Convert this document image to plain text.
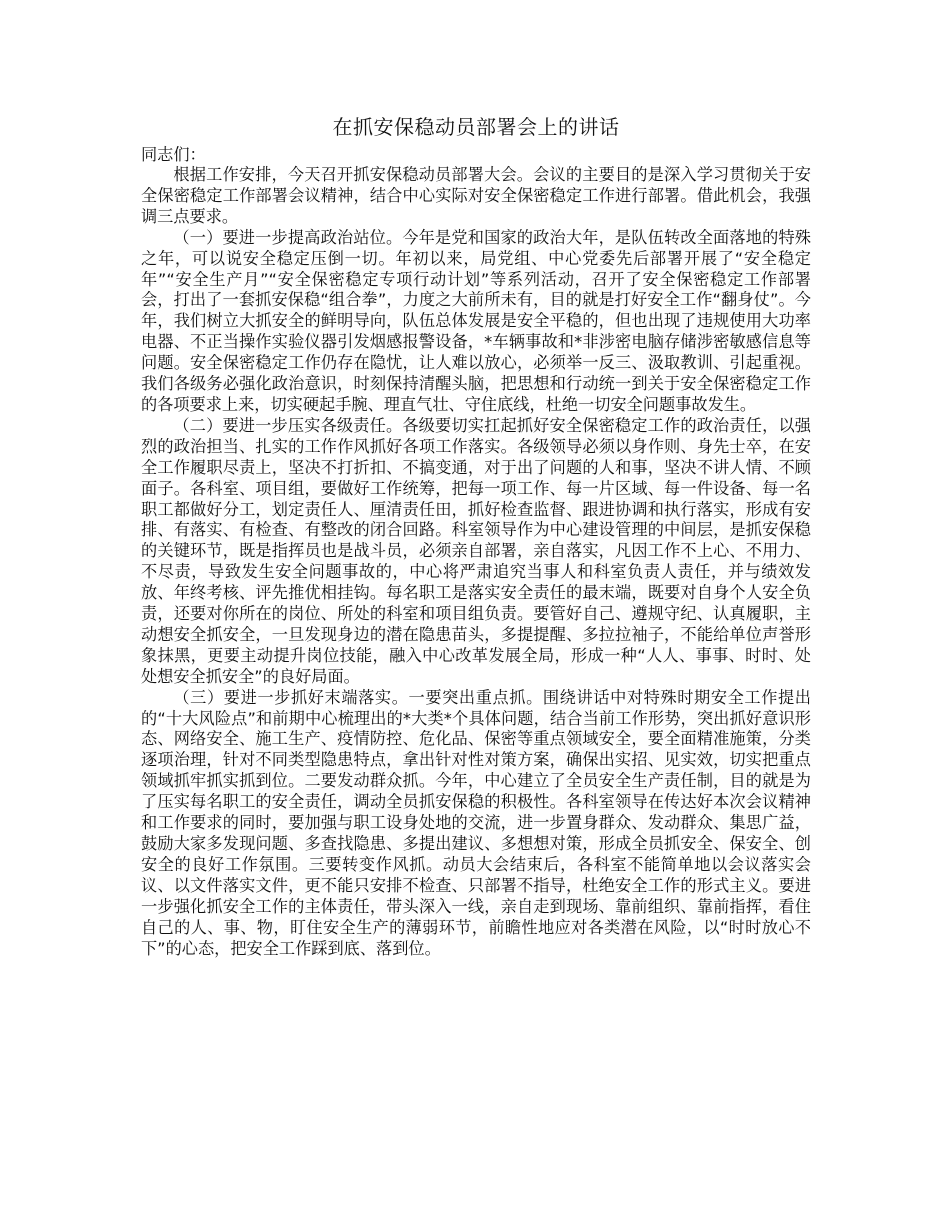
在抓安保稳动员部署会上的讲话

同志们：

根据工作安排，今天召开抓安保稳动员部署大会。会议的主要目的是深入学习贯彻关于安全保密稳定工作部署会议精神，结合中心实际对安全保密稳定工作进行部署。借此机会，我强调三点要求。

（一）要进一步提高政治站位。今年是党和国家的政治大年，是队伍转改全面落地的特殊之年，可以说安全稳定压倒一切。年初以来，局党组、中心党委先后部署开展了“安全稳定年”“安全生产月”“安全保密稳定专项行动计划”等系列活动，召开了安全保密稳定工作部署会，打出了一套抓安保稳“组合拳”，力度之大前所未有，目的就是打好安全工作“翻身仗”。今年，我们树立大抓安全的鲜明导向，队伍总体发展是安全平稳的，但也出现了违规使用大功率电器、不正当操作实验仪器引发烟感报警设备，*车辆事故和*非涉密电脑存储涉密敏感信息等问题。安全保密稳定工作仍存在隐忧，让人难以放心，必须举一反三、汲取教训、引起重视。我们各级务必强化政治意识，时刻保持清醒头脑，把思想和行动统一到关于安全保密稳定工作的各项要求上来，切实硬起手腕、理直气壮、守住底线，杜绝一切安全问题事故发生。

（二）要进一步压实各级责任。各级要切实扛起抓好安全保密稳定工作的政治责任，以强烈的政治担当、扎实的工作作风抓好各项工作落实。各级领导必须以身作则、身先士卒，在安全工作履职尽责上，坚决不打折扣、不搞变通，对于出了问题的人和事，坚决不讲人情、不顾面子。各科室、项目组，要做好工作统筹，把每一项工作、每一片区域、每一件设备、每一名职工都做好分工，划定责任人、厘清责任田，抓好检查监督、跟进协调和执行落实，形成有安排、有落实、有检查、有整改的闭合回路。科室领导作为中心建设管理的中间层，是抓安保稳的关键环节，既是指挥员也是战斗员，必须亲自部署，亲自落实，凡因工作不上心、不用力、不尽责，导致发生安全问题事故的，中心将严肃追究当事人和科室负责人责任，并与绩效发放、年终考核、评先推优相挂钩。每名职工是落实安全责任的最末端，既要对自身个人安全负责，还要对你所在的岗位、所处的科室和项目组负责。要管好自己、遵规守纪、认真履职，主动想安全抓安全，一旦发现身边的潜在隐患苗头，多提提醒、多拉拉袖子，不能给单位声誉形象抹黑，更要主动提升岗位技能，融入中心改革发展全局，形成一种“人人、事事、时时、处处想安全抓安全”的良好局面。

（三）要进一步抓好末端落实。一要突出重点抓。围绕讲话中对特殊时期安全工作提出的“十大风险点”和前期中心梳理出的*大类*个具体问题，结合当前工作形势，突出抓好意识形态、网络安全、施工生产、疫情防控、危化品、保密等重点领域安全，要全面精准施策，分类逐项治理，针对不同类型隐患特点，拿出针对性对策方案，确保出实招、见实效，切实把重点领域抓牢抓实抓到位。二要发动群众抓。今年，中心建立了全员安全生产责任制，目的就是为了压实每名职工的安全责任，调动全员抓安保稳的积极性。各科室领导在传达好本次会议精神和工作要求的同时，要加强与职工设身处地的交流，进一步置身群众、发动群众、集思广益，鼓励大家多发现问题、多查找隐患、多提出建议、多想想对策，形成全员抓安全、保安全、创安全的良好工作氛围。三要转变作风抓。动员大会结束后，各科室不能简单地以会议落实会议、以文件落实文件，更不能只安排不检查、只部署不指导，杜绝安全工作的形式主义。要进一步强化抓安全工作的主体责任，带头深入一线，亲自走到现场、靠前组织、靠前指挥，看住自己的人、事、物，盯住安全生产的薄弱环节，前瞻性地应对各类潜在风险，以“时时放心不下”的心态，把安全工作踩到底、落到位。
